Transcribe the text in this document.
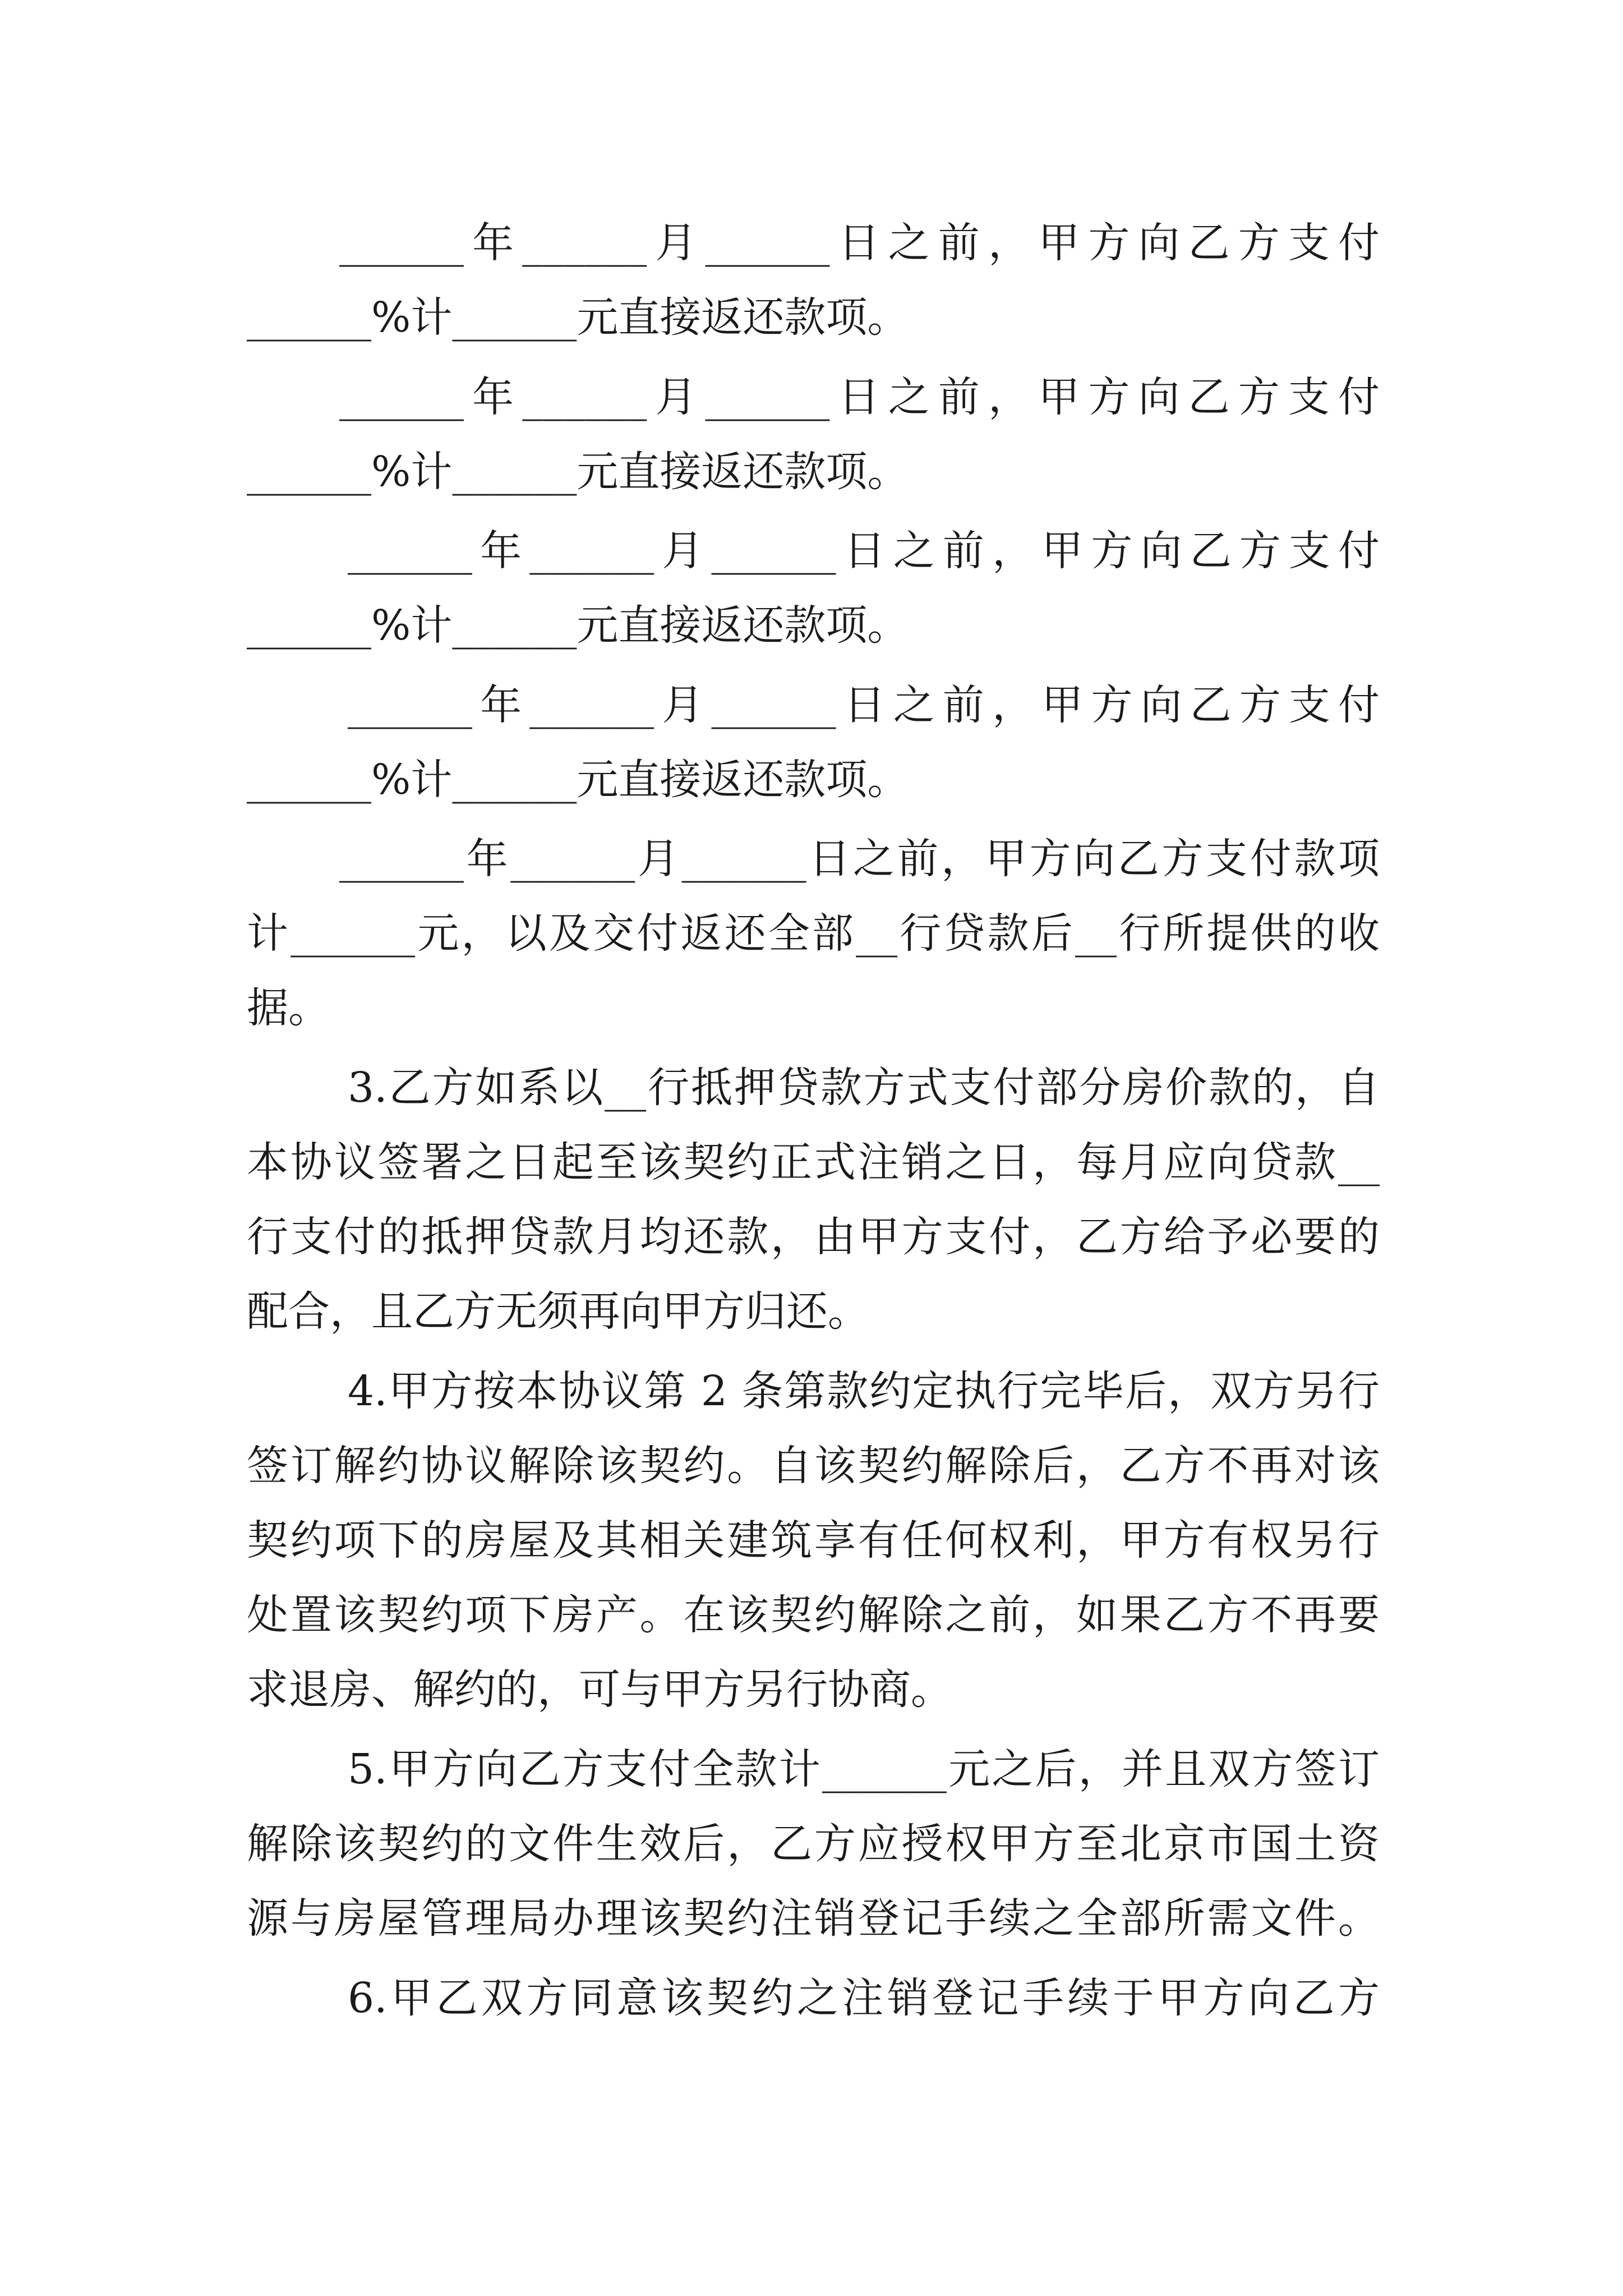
______年______月______日之前，甲方向乙方支付
______%计______元直接返还款项。
______年______月______日之前，甲方向乙方支付
______%计______元直接返还款项。
______年______月______日之前，甲方向乙方支付
______%计______元直接返还款项。
______年______月______日之前，甲方向乙方支付
______%计______元直接返还款项。
______年______月______日之前，甲方向乙方支付款项
计______元，以及交付返还全部__行贷款后__行所提供的收
据。
3.乙方如系以__行抵押贷款方式支付部分房价款的，自
本协议签署之日起至该契约正式注销之日，每月应向贷款__
行支付的抵押贷款月均还款，由甲方支付，乙方给予必要的
配合，且乙方无须再向甲方归还。
4.甲方按本协议第 2 条第款约定执行完毕后，双方另行
签订解约协议解除该契约。自该契约解除后，乙方不再对该
契约项下的房屋及其相关建筑享有任何权利，甲方有权另行
处置该契约项下房产。在该契约解除之前，如果乙方不再要
求退房、解约的，可与甲方另行协商。
5.甲方向乙方支付全款计______元之后，并且双方签订
解除该契约的文件生效后，乙方应授权甲方至北京市国土资
源与房屋管理局办理该契约注销登记手续之全部所需文件。
6.甲乙双方同意该契约之注销登记手续于甲方向乙方
